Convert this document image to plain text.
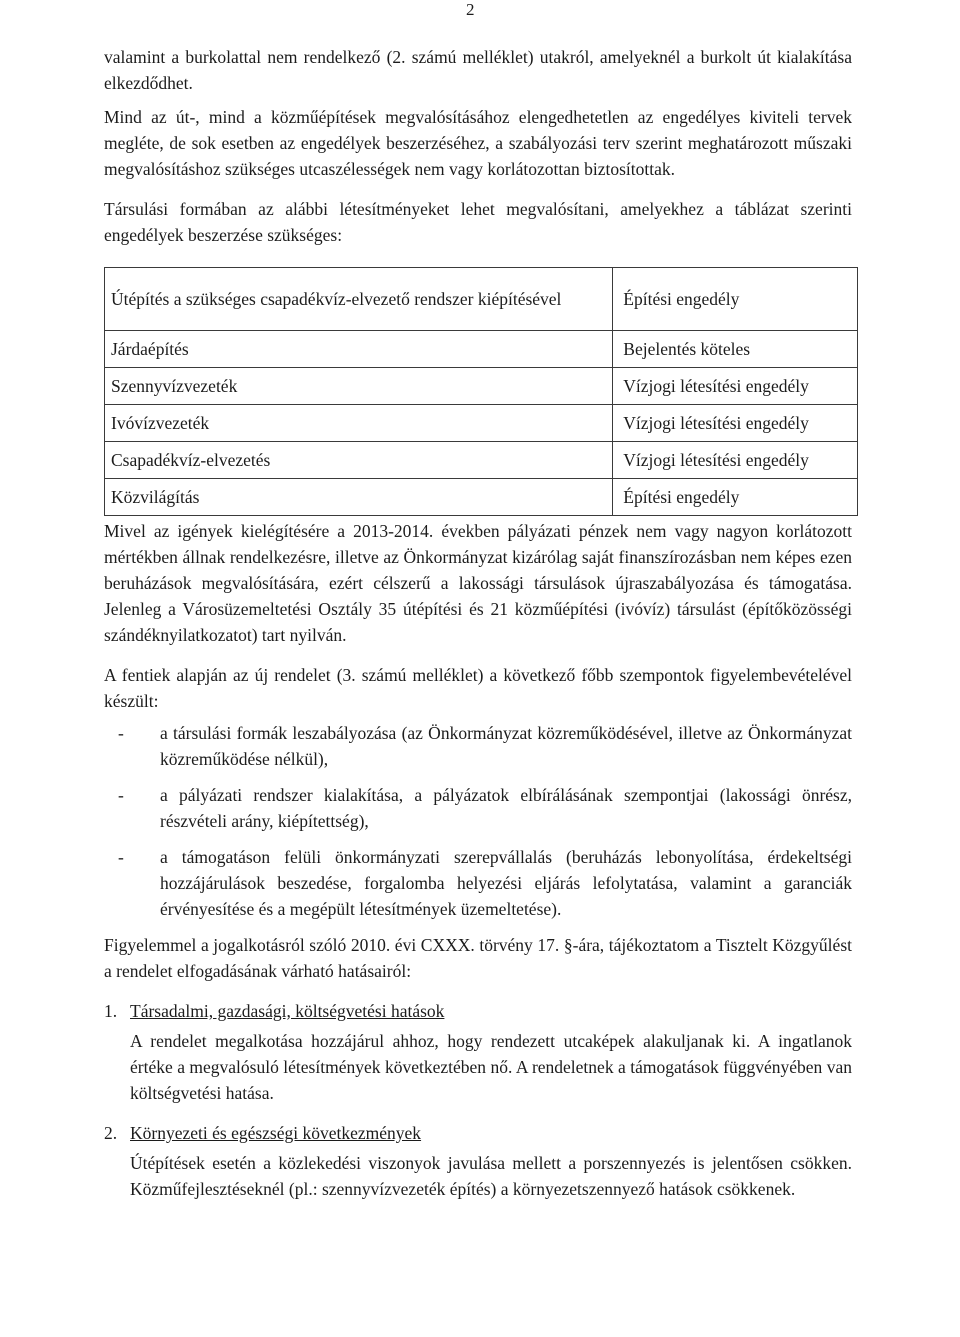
2

valamint a burkolattal nem rendelkező (2. számú melléklet) utakról, amelyeknél a burkolt út kialakítása elkezdődhet.

Mind az út-, mind a közműépítések megvalósításához elengedhetetlen az engedélyes kiviteli tervek megléte, de sok esetben az engedélyek beszerzéséhez, a szabályozási terv szerint meghatározott műszaki megvalósításhoz szükséges utcaszélességek nem vagy korlátozottan biztosítottak.

Társulási formában az alábbi létesítményeket lehet megvalósítani, amelyekhez a táblázat szerinti engedélyek beszerzése szükséges:

Útépítés a szükséges csapadékvíz-elvezető rendszer kiépítésével	Építési engedély
Járdaépítés	Bejelentés köteles
Szennyvízvezeték	Vízjogi létesítési engedély
Ivóvízvezeték	Vízjogi létesítési engedély
Csapadékvíz-elvezetés	Vízjogi létesítési engedély
Közvilágítás	Építési engedély

Mivel az igények kielégítésére a 2013-2014. években pályázati pénzek nem vagy nagyon korlátozott mértékben állnak rendelkezésre, illetve az Önkormányzat kizárólag saját finanszírozásban nem képes ezen beruházások megvalósítására, ezért célszerű a lakossági társulások újraszabályozása és támogatása. Jelenleg a Városüzemeltetési Osztály 35 útépítési és 21 közműépítési (ivóvíz) társulást (építőközösségi szándéknyilatkozatot) tart nyilván.

A fentiek alapján az új rendelet (3. számú melléklet) a következő főbb szempontok figyelembevételével készült:

- a társulási formák leszabályozása (az Önkormányzat közreműködésével, illetve az Önkormányzat közreműködése nélkül),
- a pályázati rendszer kialakítása, a pályázatok elbírálásának szempontjai (lakossági önrész, részvételi arány, kiépítettség),
- a támogatáson felüli önkormányzati szerepvállalás (beruházás lebonyolítása, érdekeltségi hozzájárulások beszedése, forgalomba helyezési eljárás lefolytatása, valamint a garanciák érvényesítése és a megépült létesítmények üzemeltetése).

Figyelemmel a jogalkotásról szóló 2010. évi CXXX. törvény 17. §-ára, tájékoztatom a Tisztelt Közgyűlést a rendelet elfogadásának várható hatásairól:

1. Társadalmi, gazdasági, költségvetési hatások
A rendelet megalkotása hozzájárul ahhoz, hogy rendezett utcaképek alakuljanak ki. A ingatlanok értéke a megvalósuló létesítmények következtében nő. A rendeletnek a támogatások függvényében van költségvetési hatása.
2. Környezeti és egészségi következmények
Útépítések esetén a közlekedési viszonyok javulása mellett a porszennyezés is jelentősen csökken. Közműfejlesztéseknél (pl.: szennyvízvezeték építés) a környezetszennyező hatások csökkenek.
